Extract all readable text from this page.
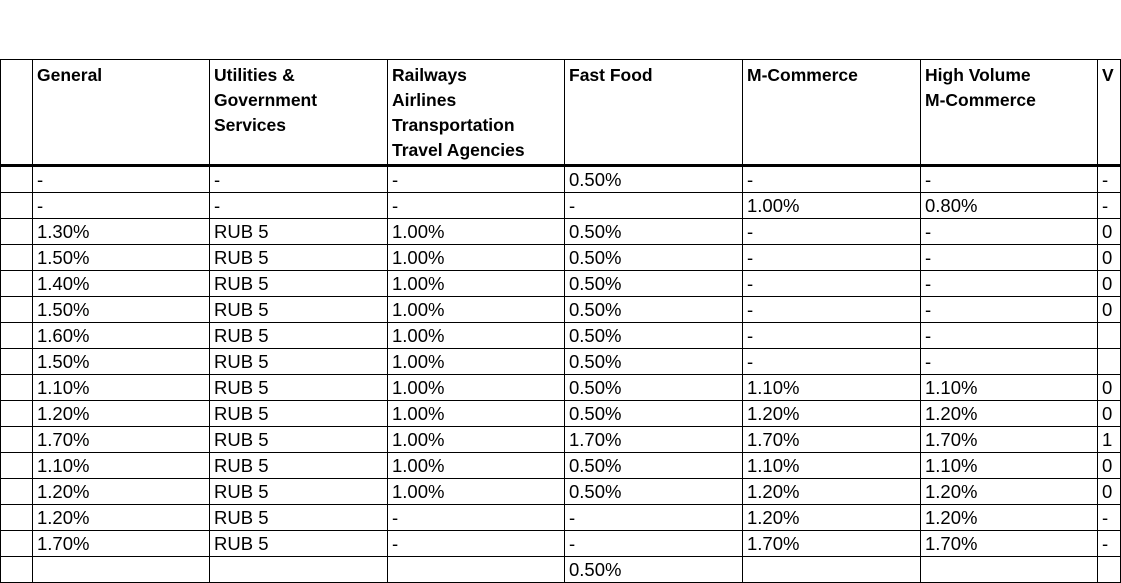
	General	Utilities &
Government
Services	Railways
Airlines
Transportation
Travel Agencies	Fast Food	M-Commerce	High Volume
M-Commerce	V

	-	-	-	0.50%	-	-	-
	-	-	-	-	1.00%	0.80%	-
	1.30%	RUB 5	1.00%	0.50%	-	-	0
	1.50%	RUB 5	1.00%	0.50%	-	-	0
	1.40%	RUB 5	1.00%	0.50%	-	-	0
	1.50%	RUB 5	1.00%	0.50%	-	-	0
	1.60%	RUB 5	1.00%	0.50%	-	-	
	1.50%	RUB 5	1.00%	0.50%	-	-	
	1.10%	RUB 5	1.00%	0.50%	1.10%	1.10%	0
	1.20%	RUB 5	1.00%	0.50%	1.20%	1.20%	0
	1.70%	RUB 5	1.00%	1.70%	1.70%	1.70%	1
	1.10%	RUB 5	1.00%	0.50%	1.10%	1.10%	0
	1.20%	RUB 5	1.00%	0.50%	1.20%	1.20%	0
	1.20%	RUB 5	-	-	1.20%	1.20%	-
	1.70%	RUB 5	-	-	1.70%	1.70%	-
				0.50%			
